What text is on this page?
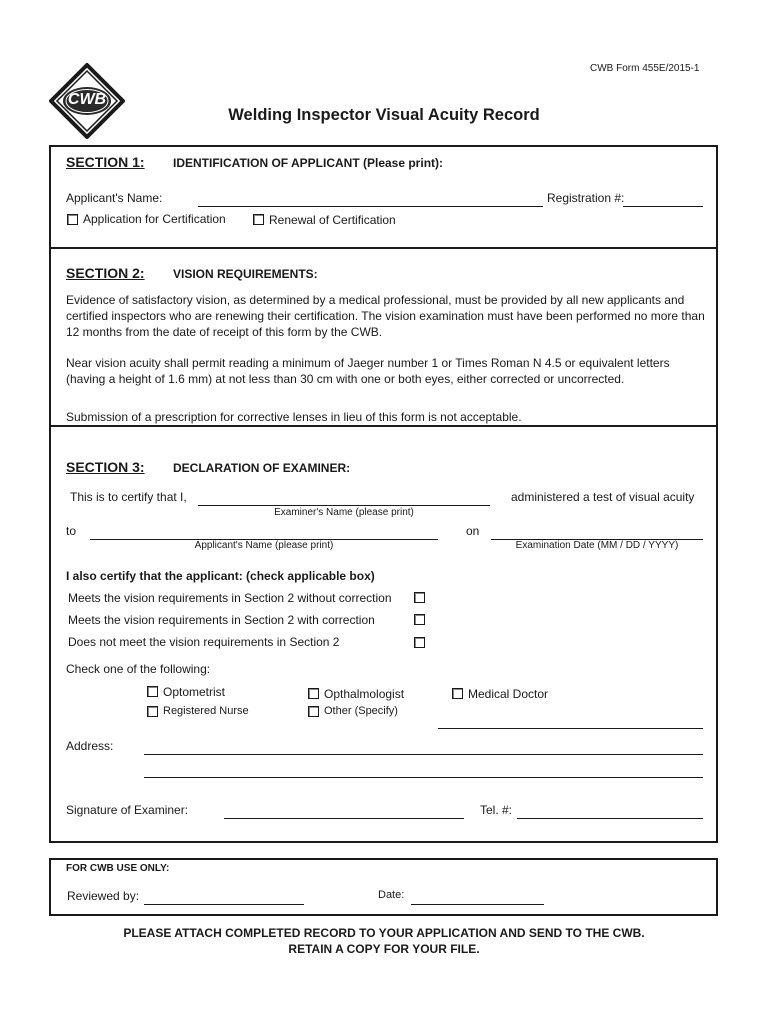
CWB Form 455E/2015-1
CWB
Welding Inspector Visual Acuity Record
SECTION 1: IDENTIFICATION OF APPLICANT (Please print):
Applicant's Name:	Registration #:
Application for Certification	Renewal of Certification
SECTION 2: VISION REQUIREMENTS:
Evidence of satisfactory vision, as determined by a medical professional, must be provided by all new applicants and certified inspectors who are renewing their certification. The vision examination must have been performed no more than 12 months from the date of receipt of this form by the CWB.
Near vision acuity shall permit reading a minimum of Jaeger number 1 or Times Roman N 4.5 or equivalent letters (having a height of 1.6 mm) at not less than 30 cm with one or both eyes, either corrected or uncorrected.
Submission of a prescription for corrective lenses in lieu of this form is not acceptable.
SECTION 3: DECLARATION OF EXAMINER:
This is to certify that I,	administered a test of visual acuity
Examiner's Name (please print)
to	on
Applicant's Name (please print)	Examination Date (MM / DD / YYYY)
I also certify that the applicant: (check applicable box)
Meets the vision requirements in Section 2 without correction
Meets the vision requirements in Section 2 with correction
Does not meet the vision requirements in Section 2
Check one of the following:
Optometrist	Opthalmologist	Medical Doctor
Registered Nurse	Other (Specify)
Address:
Signature of Examiner:	Tel. #:
FOR CWB USE ONLY:
Reviewed by:	Date:
PLEASE ATTACH COMPLETED RECORD TO YOUR APPLICATION AND SEND TO THE CWB.
RETAIN A COPY FOR YOUR FILE.
